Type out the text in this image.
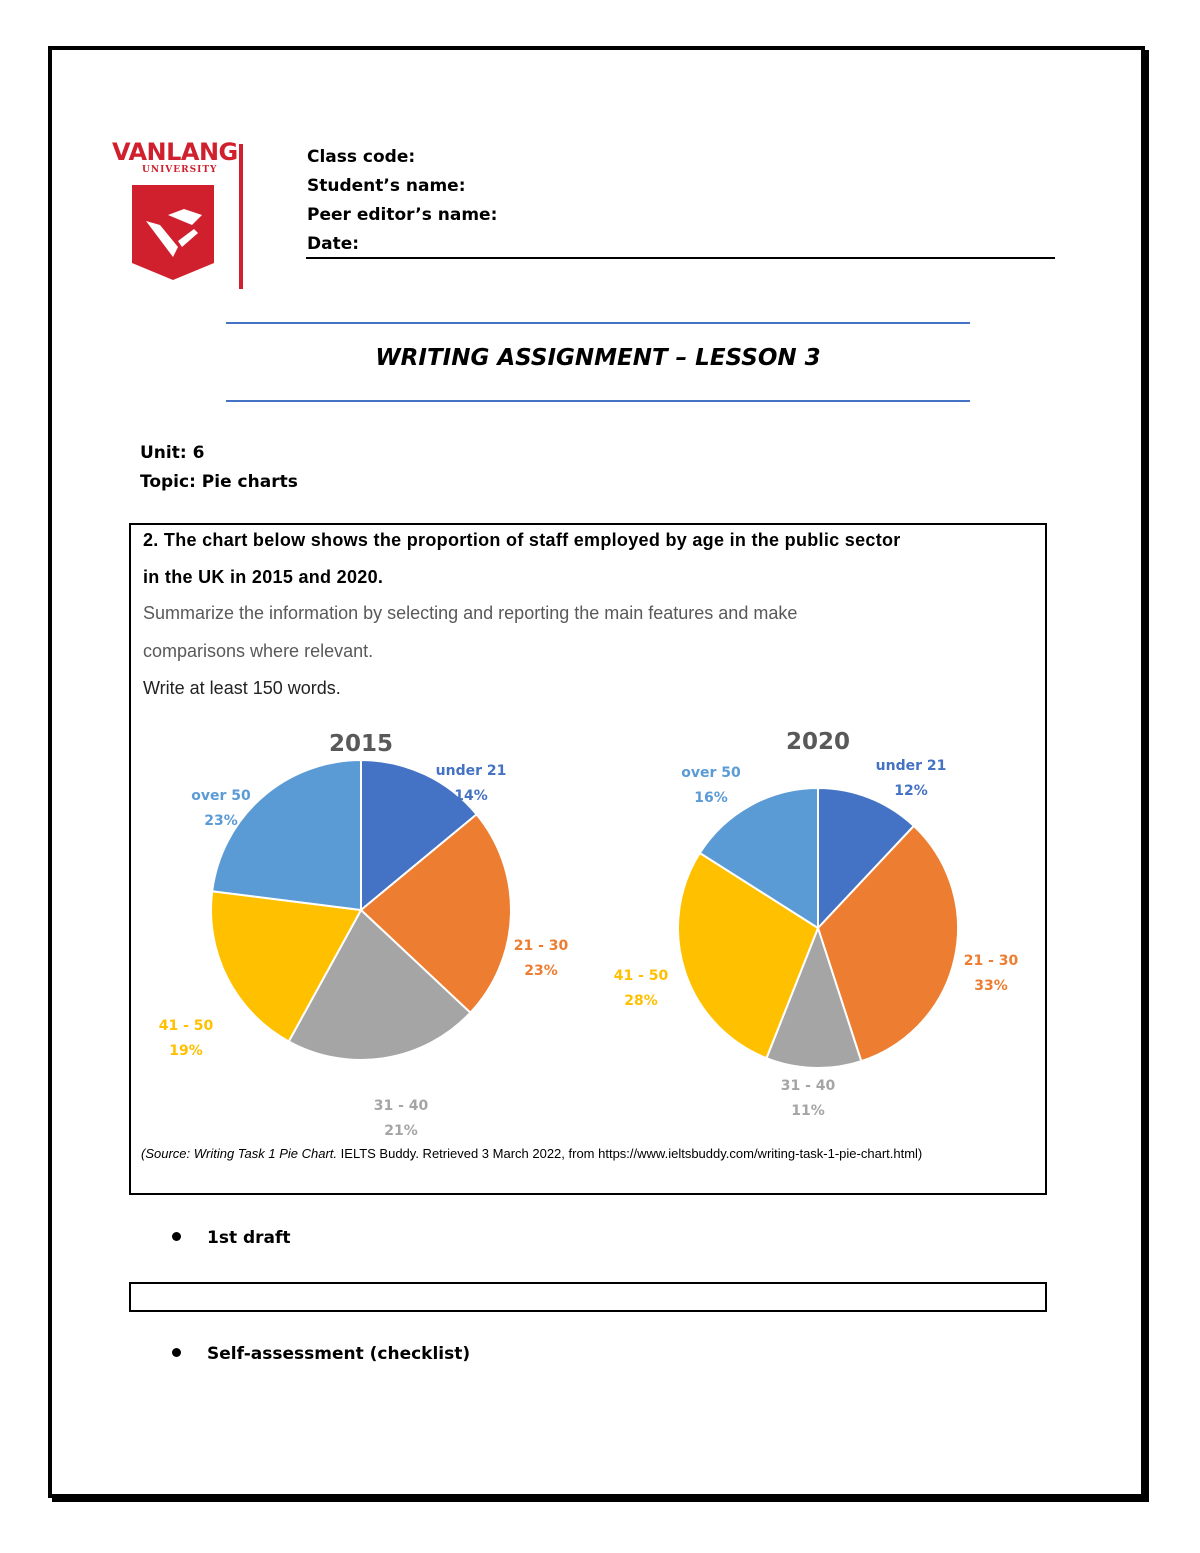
VANLANG
UNIVERSITY
Class code:
Student’s name:
Peer editor’s name:
Date:
WRITING ASSIGNMENT – LESSON 3
Unit: 6
Topic: Pie charts
2. The chart below shows the proportion of staff employed by age in the public sector
in the UK in 2015 and 2020.
Summarize the information by selecting and reporting the main features and make
comparisons where relevant.
Write at least 150 words.
under 21
14%
21 - 30
23%
31 - 40
21%
41 - 50
19%
over 50
23%
2015
under 21
12%
21 - 30
33%
31 - 40
11%
41 - 50
28%
over 50
16%
2020
(Source: Writing Task 1 Pie Chart. IELTS Buddy. Retrieved 3 March 2022, from https://www.ieltsbuddy.com/writing-task-1-pie-chart.html)
1st draft
Self-assessment (checklist)
